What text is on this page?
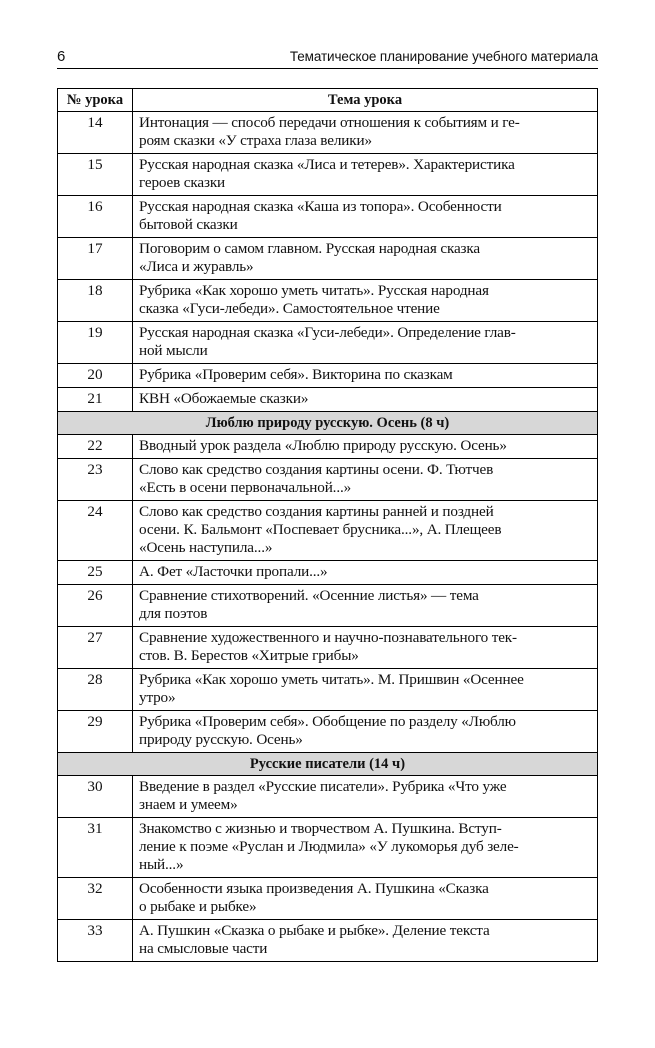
6	Тематическое планирование учебного материала
№ урока	Тема урока
14	Интонация — способ передачи отношения к событиям и ге-
роям сказки «У страха глаза велики»
15	Русская народная сказка «Лиса и тетерев». Характеристика
героев сказки
16	Русская народная сказка «Каша из топора». Особенности
бытовой сказки
17	Поговорим о самом главном. Русская народная сказка
«Лиса и журавль»
18	Рубрика «Как хорошо уметь читать». Русская народная
сказка «Гуси-лебеди». Самостоятельное чтение
19	Русская народная сказка «Гуси-лебеди». Определение глав-
ной мысли
20	Рубрика «Проверим себя». Викторина по сказкам
21	КВН «Обожаемые сказки»
Люблю природу русскую. Осень (8 ч)	
22	Вводный урок раздела «Люблю природу русскую. Осень»
23	Слово как средство создания картины осени. Ф. Тютчев
«Есть в осени первоначальной...»
24	Слово как средство создания картины ранней и поздней
осени. К. Бальмонт «Поспевает брусника...», А. Плещеев
«Осень наступила...»
25	А. Фет «Ласточки пропали...»
26	Сравнение стихотворений. «Осенние листья» — тема
для поэтов
27	Сравнение художественного и научно-познавательного тек-
стов. В. Берестов «Хитрые грибы»
28	Рубрика «Как хорошо уметь читать». М. Пришвин «Осеннее
утро»
29	Рубрика «Проверим себя». Обобщение по разделу «Люблю
природу русскую. Осень»
Русские писатели (14 ч)	
30	Введение в раздел «Русские писатели». Рубрика «Что уже
знаем и умеем»
31	Знакомство с жизнью и творчеством А. Пушкина. Вступ-
ление к поэме «Руслан и Людмила» «У лукоморья дуб зеле-
ный...»
32	Особенности языка произведения А. Пушкина «Сказка
о рыбаке и рыбке»
33	А. Пушкин «Сказка о рыбаке и рыбке». Деление текста
на смысловые части
